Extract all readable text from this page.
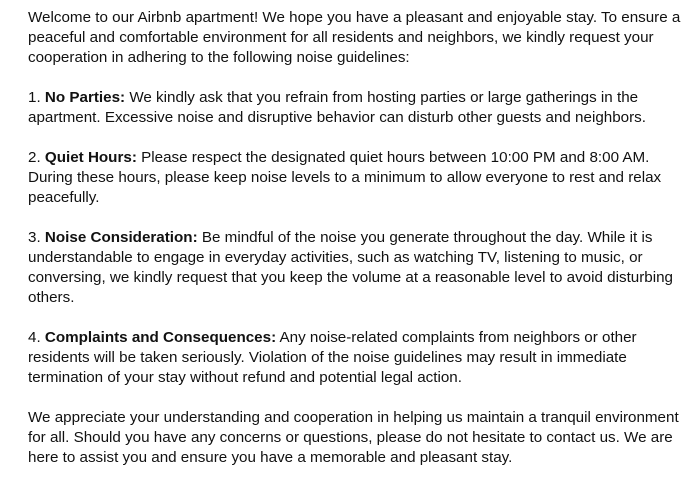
Welcome to our Airbnb apartment! We hope you have a pleasant and enjoyable stay. To ensure a peaceful and comfortable environment for all residents and neighbors, we kindly request your cooperation in adhering to the following noise guidelines:

1. No Parties: We kindly ask that you refrain from hosting parties or large gatherings in the apartment. Excessive noise and disruptive behavior can disturb other guests and neighbors.

2. Quiet Hours: Please respect the designated quiet hours between 10:00 PM and 8:00 AM. During these hours, please keep noise levels to a minimum to allow everyone to rest and relax peacefully.

3. Noise Consideration: Be mindful of the noise you generate throughout the day. While it is understandable to engage in everyday activities, such as watching TV, listening to music, or conversing, we kindly request that you keep the volume at a reasonable level to avoid disturbing others.

4. Complaints and Consequences: Any noise-related complaints from neighbors or other residents will be taken seriously. Violation of the noise guidelines may result in immediate termination of your stay without refund and potential legal action.

We appreciate your understanding and cooperation in helping us maintain a tranquil environment for all. Should you have any concerns or questions, please do not hesitate to contact us. We are here to assist you and ensure you have a memorable and pleasant stay.
